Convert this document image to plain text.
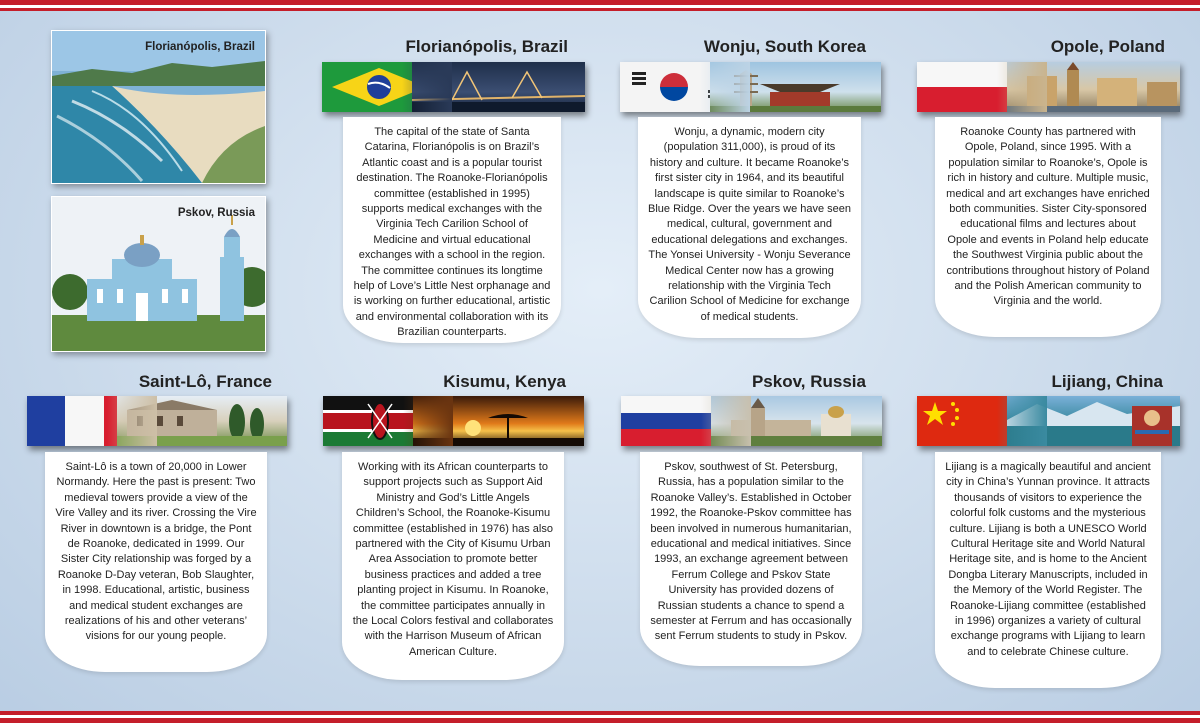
Florianópolis, Brazil
Pskov, Russia
Florianópolis, Brazil

The capital of the state of Santa Catarina, Florianópolis is on Brazil’s Atlantic coast and is a popular tourist destination. The Roanoke-Florianópolis committee (established in 1995) supports medical exchanges with the Virginia Tech Carilion School of Medicine and virtual educational exchanges with a school in the region. The committee continues its longtime help of Love’s Little Nest orphanage and is working on further educational, artistic and environmental collaboration with its Brazilian counterparts.

Wonju, South Korea

Wonju, a dynamic, modern city (population 311,000), is proud of its history and culture. It became Roanoke’s first sister city in 1964, and its beautiful landscape is quite similar to Roanoke’s Blue Ridge. Over the years we have seen medical, cultural, government and educational delegations and exchanges. The Yonsei University - Wonju Severance Medical Center now has a growing relationship with the Virginia Tech Carilion School of Medicine for exchange of medical students.

Opole, Poland

Roanoke County has partnered with Opole, Poland, since 1995. With a population similar to Roanoke’s, Opole is rich in history and culture. Multiple music, medical and art exchanges have enriched both communities. Sister City-sponsored educational films and lectures about Opole and events in Poland help educate the Southwest Virginia public about the contributions throughout history of Poland and the Polish American community to Virginia and the world.

Saint-Lô, France

Saint-Lô is a town of 20,000 in Lower Normandy. Here the past is present: Two medieval towers provide a view of the Vire Valley and its river. Crossing the Vire River in downtown is a bridge, the Pont de Roanoke, dedicated in 1999. Our Sister City relationship was forged by a Roanoke D-Day veteran, Bob Slaughter, in 1998. Educational, artistic, business and medical student exchanges are realizations of his and other veterans’ visions for our young people.

Kisumu, Kenya

Working with its African counterparts to support projects such as Support Aid Ministry and God’s Little Angels Children’s School, the Roanoke-Kisumu committee (established in 1976) has also partnered with the City of Kisumu Urban Area Association to promote better business practices and added a tree planting project in Kisumu. In Roanoke, the committee participates annually in the Local Colors festival and collaborates with the Harrison Museum of African American Culture.

Pskov, Russia

Pskov, southwest of St. Petersburg, Russia, has a population similar to the Roanoke Valley’s. Established in October 1992, the Roanoke-Pskov committee has been involved in numerous humanitarian, educational and medical initiatives. Since 1993, an exchange agreement between Ferrum College and Pskov State University has provided dozens of Russian students a chance to spend a semester at Ferrum and has occasionally sent Ferrum students to study in Pskov.

Lijiang, China

Lijiang is a magically beautiful and ancient city in China’s Yunnan province. It attracts thousands of visitors to experience the colorful folk customs and the mysterious culture. Lijiang is both a UNESCO World Cultural Heritage site and World Natural Heritage site, and is home to the Ancient Dongba Literary Manuscripts, included in the Memory of the World Register. The Roanoke-Lijiang committee (established in 1996) organizes a variety of cultural exchange programs with Lijiang to learn and to celebrate Chinese culture.
